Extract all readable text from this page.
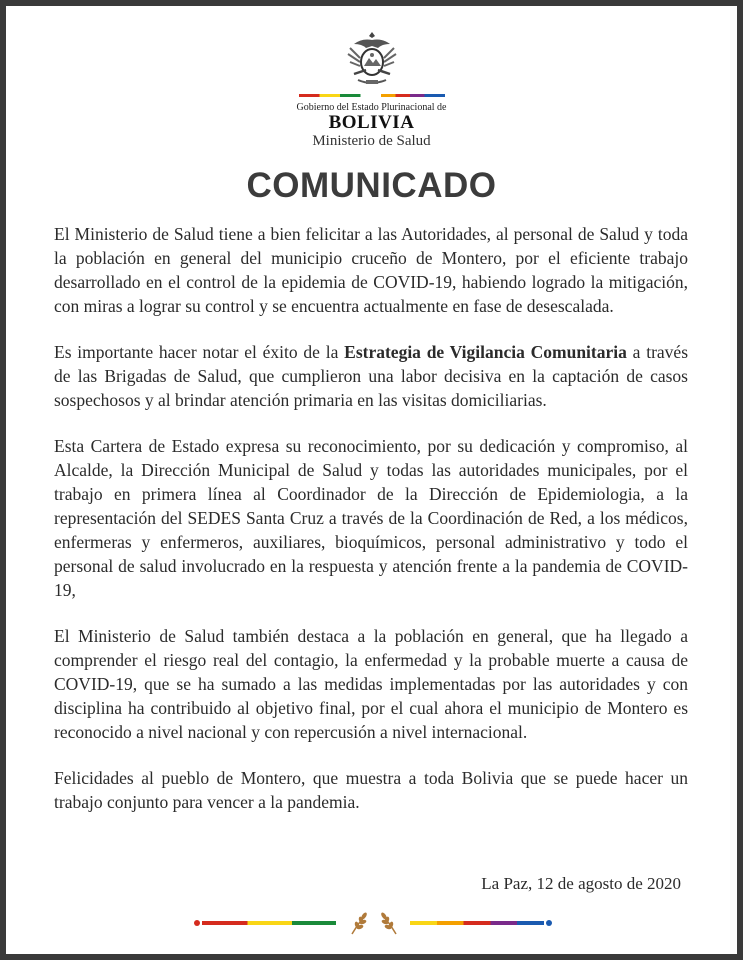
Gobierno del Estado Plurinacional de
BOLIVIA
Ministerio de Salud
COMUNICADO

El Ministerio de Salud tiene a bien felicitar a las Autoridades, al personal de Salud y toda la población en general del municipio cruceño de Montero, por el eficiente trabajo desarrollado en el control de la epidemia de COVID-19, habiendo logrado la mitigación, con miras a lograr su control y se encuentra actualmente en fase de desescalada.

Es importante hacer notar el éxito de la Estrategia de Vigilancia Comunitaria a través de las Brigadas de Salud, que cumplieron una labor decisiva en la captación de casos sospechosos y al brindar atención primaria en las visitas domiciliarias.

Esta Cartera de Estado expresa su reconocimiento, por su dedicación y compromiso, al Alcalde, la Dirección Municipal de Salud y todas las autoridades municipales, por el trabajo en primera línea al Coordinador de la Dirección de Epidemiologia, a la representación del SEDES Santa Cruz a través de la Coordinación de Red, a los médicos, enfermeras y enfermeros, auxiliares, bioquímicos, personal administrativo y todo el personal de salud involucrado en la respuesta y atención frente a la pandemia de COVID-19,

El Ministerio de Salud también destaca a la población en general, que ha llegado a comprender el riesgo real del contagio, la enfermedad y la probable muerte a causa de COVID-19, que se ha sumado a las medidas implementadas por las autoridades y con disciplina ha contribuido al objetivo final, por el cual ahora el municipio de Montero es reconocido a nivel nacional y con repercusión a nivel internacional.

Felicidades al pueblo de Montero, que muestra a toda Bolivia que se puede hacer un trabajo conjunto para vencer a la pandemia.

La Paz, 12 de agosto de 2020
